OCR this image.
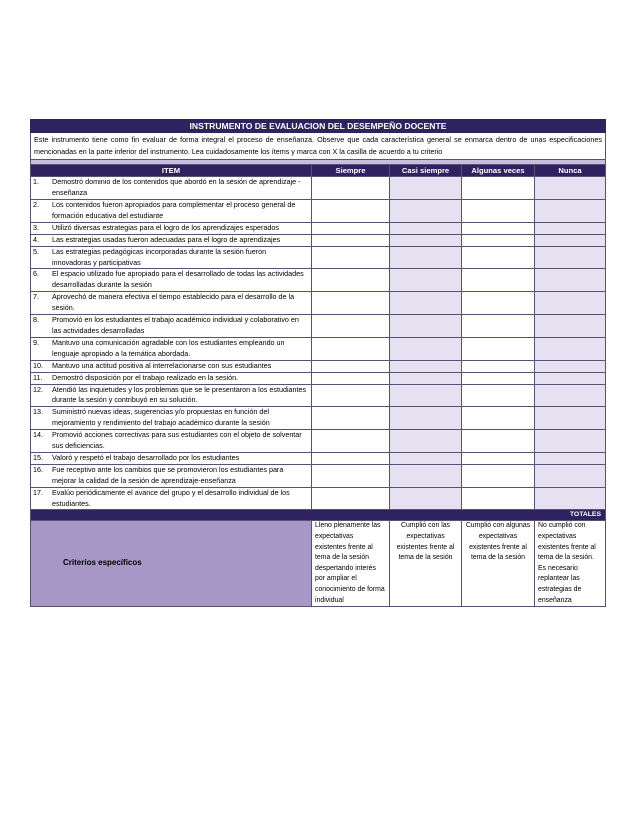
INSTRUMENTO DE EVALUACION DEL DESEMPEÑO DOCENTE				
Este instrumento tiene como fin evaluar de forma integral el proceso de enseñanza. Observe que cada característica general se enmarca dentro de unas especificaciones mencionadas en la parte inferior del instrumento. Lea cuidadosamente los ítems y marca con X la casilla de acuerdo a tu criterio				

ITEM	Siempre	Casi siempre	Algunas veces	Nunca
1. Demostró dominio de los contenidos que abordó en la sesión de aprendizaje - enseñanza				
2. Los contenidos fueron apropiados para complementar el proceso general de formación educativa del estudiante				
3. Utilizó diversas estrategias para el logro de los aprendizajes esperados				
4. Las estrategias usadas fueron adecuadas para el logro de aprendizajes				
5. Las estrategias pedagógicas incorporadas durante la sesión fueron innovadoras y participativas				
6. El espacio utilizado fue apropiado para el desarrollado de todas las actividades desarrolladas durante la sesión				
7. Aprovechó de manera efectiva el tiempo establecido para el desarrollo de la sesión.				
8. Promovió en los estudiantes el trabajo académico individual y colaborativo en las actividades desarrolladas				
9. Mantuvo una comunicación agradable con los estudiantes empleando un lenguaje apropiado a la temática abordada.				
10. Mantuvo una actitud positiva al interrelacionarse con sus estudiantes				
11. Demostró disposición por el trabajo realizado en la sesión.				
12. Atendió las inquietudes y los problemas que se le presentaron a los estudiantes durante la sesión y contribuyó en su solución.				
13. Suministró nuevas ideas, sugerencias y/o propuestas en función del mejoramiento y rendimiento del trabajo académico durante la sesión				
14. Promovió acciones correctivas para sus estudiantes con el objeto de solventar sus deficiencias.				
15. Valoró y respetó el trabajo desarrollado por los estudiantes				
16. Fue receptivo ante los cambios que se promovieron los estudiantes para mejorar la calidad de la sesión de aprendizaje-enseñanza				
17. Evalúo periódicamente el avance del grupo y el desarrollo individual de los estudiantes.				
TOTALES				
Criterios específicos	Lleno plenamente las expectativas existentes frente al tema de la sesión despertando interés por ampliar el conocimiento de forma individual	Cumplió con las expectativas existentes frente al tema de la sesión	Cumplió con algunas expectativas existentes frente al tema de la sesión	No cumplió con expectativas existentes frente al tema de la sesión. Es necesario replantear las estrategias de enseñanza
